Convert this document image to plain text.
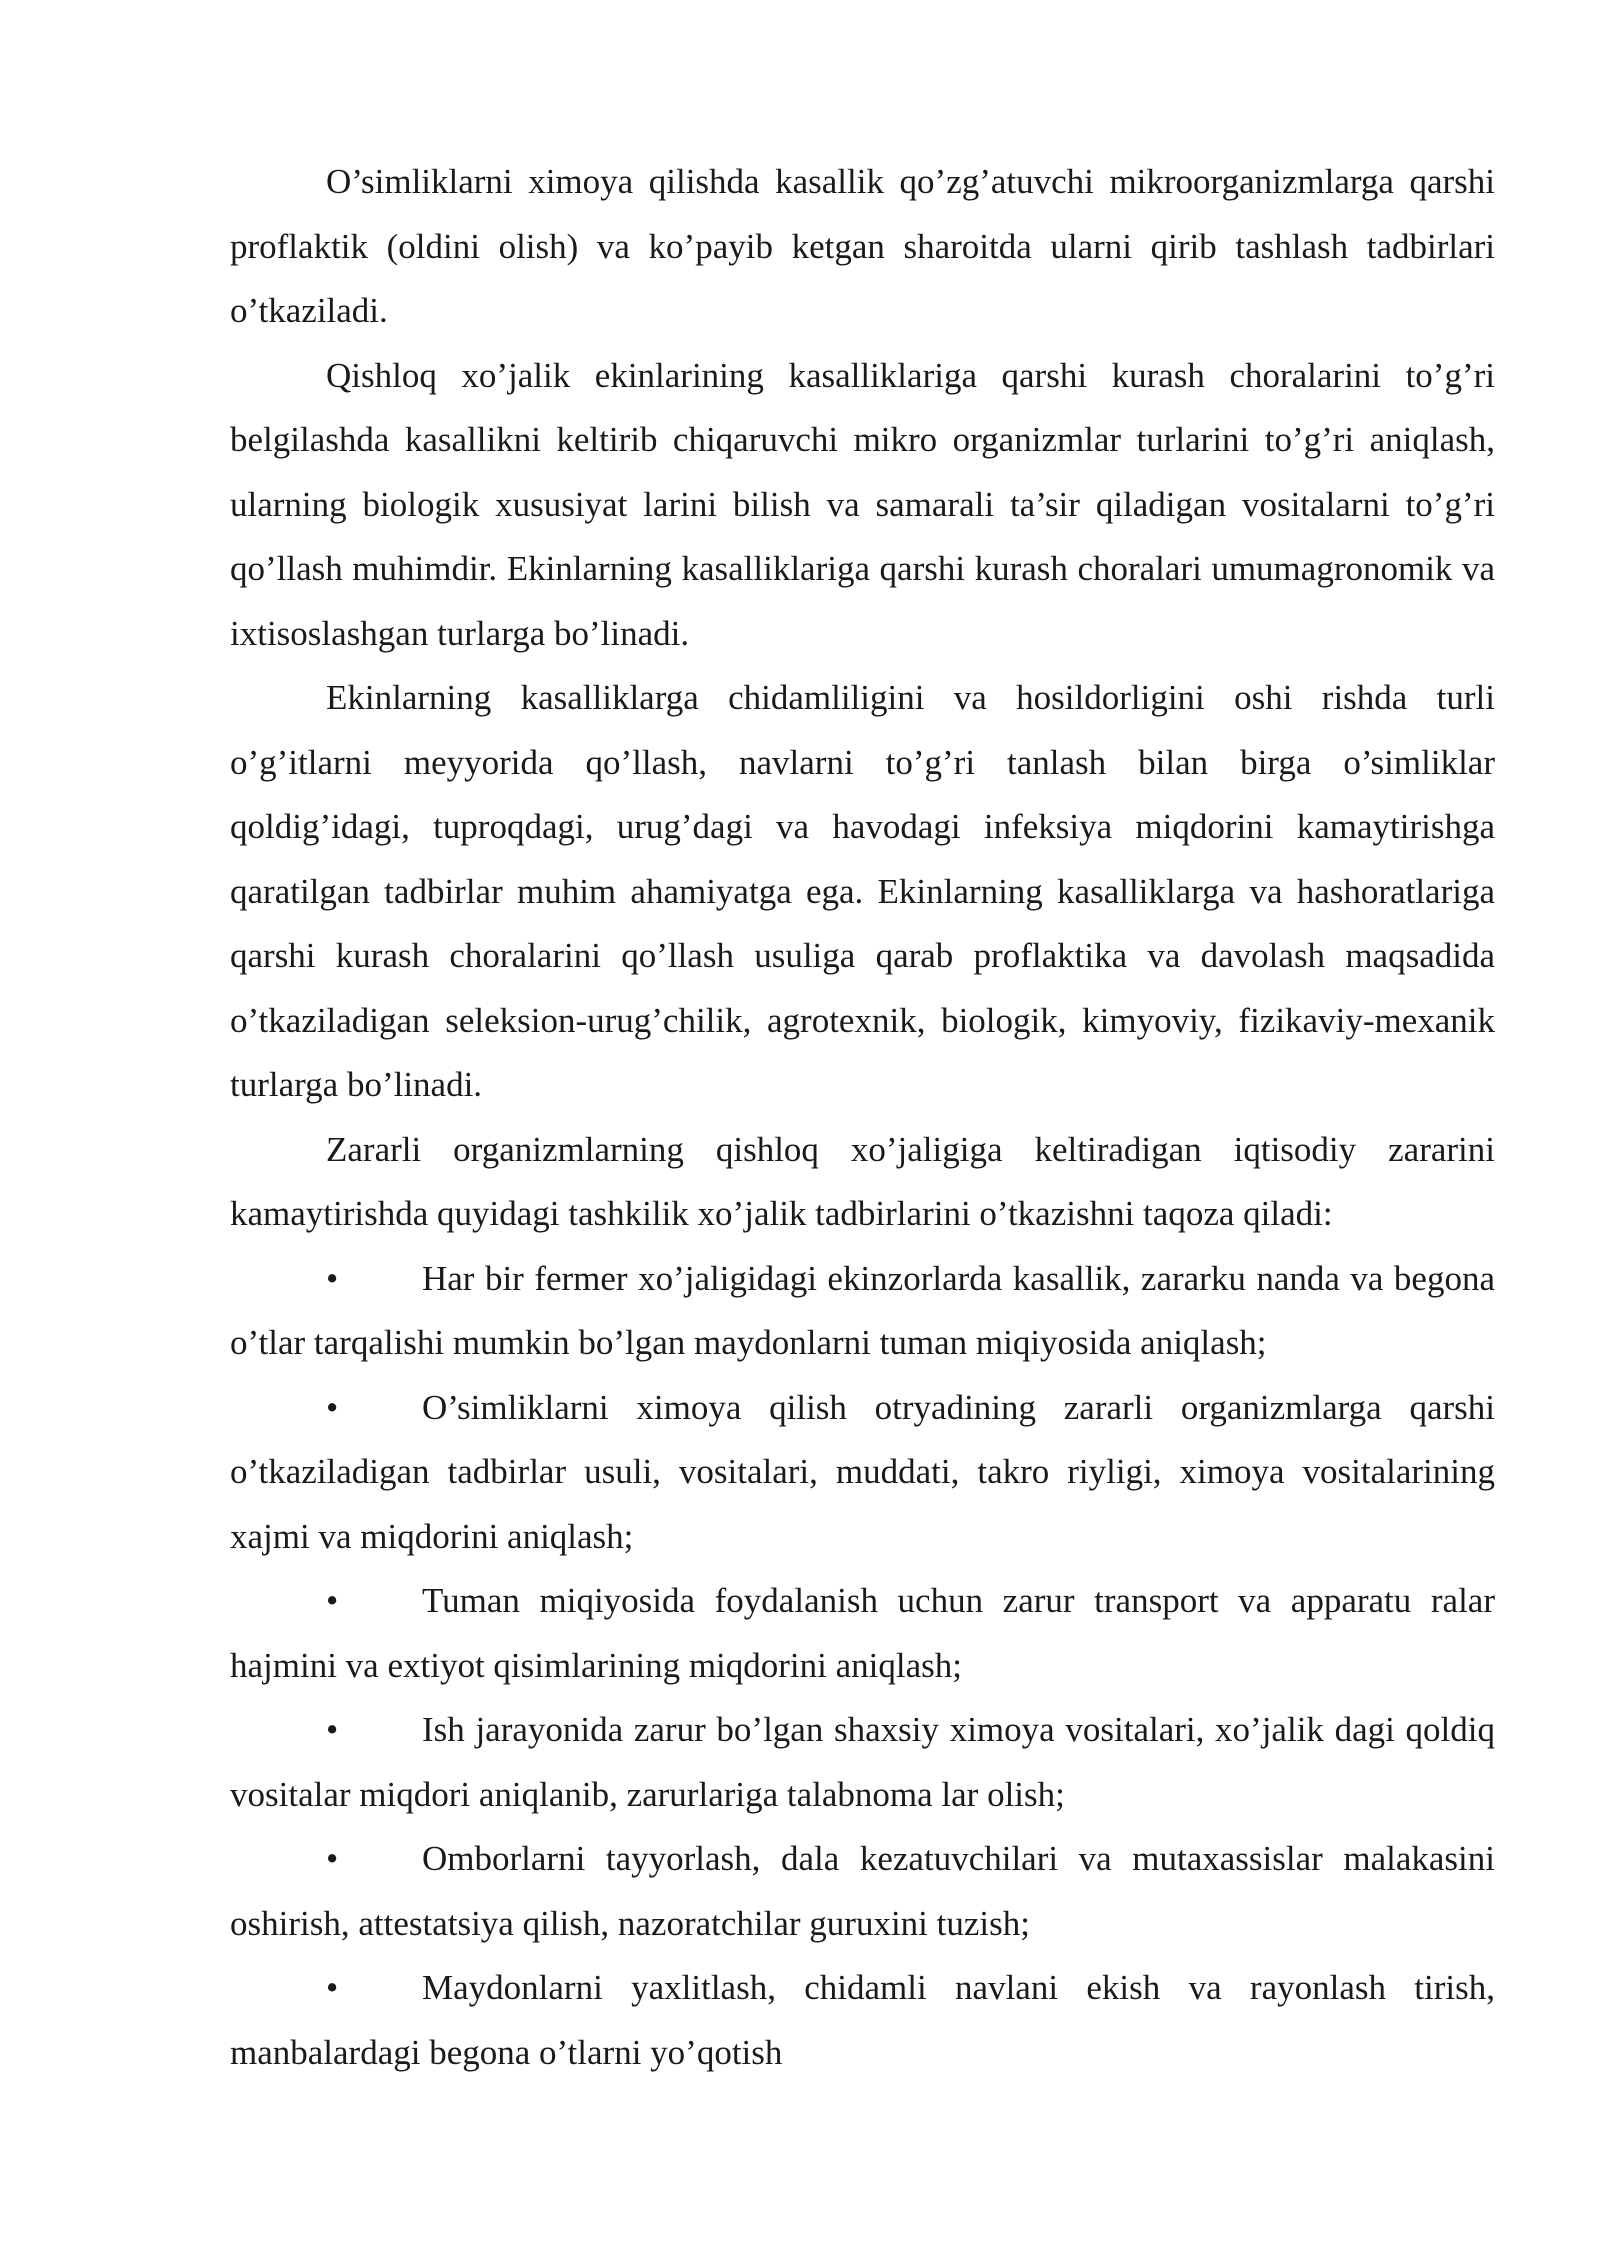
O’simliklarni ximoya qilishda kasallik qo’zg’atuvchi mikroorganizmlarga qarshi proflaktik (oldini olish) va ko’payib ketgan sharoitda ularni qirib tashlash tadbirlari o’tkaziladi.

Qishloq xo’jalik ekinlarining kasalliklariga qarshi kurash choralarini to’g’ri belgilashda kasallikni keltirib chiqaruvchi mikro organizmlar turlarini to’g’ri aniqlash, ularning biologik xususiyat larini bilish va samarali ta’sir qiladigan vositalarni to’g’ri qo’llash muhimdir. Ekinlarning kasalliklariga qarshi kurash choralari umumagronomik va ixtisoslashgan turlarga bo’linadi.

Ekinlarning kasalliklarga chidamliligini va hosildorligini oshi rishda turli o’g’itlarni meyyorida qo’llash, navlarni to’g’ri tanlash bilan birga o’simliklar qoldig’idagi, tuproqdagi, urug’dagi va havodagi infeksiya miqdorini kamaytirishga qaratilgan tadbirlar muhim ahamiyatga ega. Ekinlarning kasalliklarga va hashoratlariga qarshi kurash choralarini qo’llash usuliga qarab proflaktika va davolash maqsadida o’tkaziladigan seleksion-urug’chilik, agrotexnik, biologik, kimyoviy, fizikaviy-mexanik turlarga bo’linadi.

Zararli organizmlarning qishloq xo’jaligiga keltiradigan iqtisodiy zararini kamaytirishda quyidagi tashkilik xo’jalik tadbirlarini o’tkazishni taqoza qiladi:

• Har bir fermer xo’jaligidagi ekinzorlarda kasallik, zararku nanda va begona o’tlar tarqalishi mumkin bo’lgan maydonlarni tuman miqiyosida aniqlash;
• O’simliklarni ximoya qilish otryadining zararli organizmlarga qarshi o’tkaziladigan tadbirlar usuli, vositalari, muddati, takro riyligi, ximoya vositalarining xajmi va miqdorini aniqlash;
• Tuman miqiyosida foydalanish uchun zarur transport va apparatu ralar hajmini va extiyot qisimlarining miqdorini aniqlash;
• Ish jarayonida zarur bo’lgan shaxsiy ximoya vositalari, xo’jalik dagi qoldiq vositalar miqdori aniqlanib, zarurlariga talabnoma lar olish;
• Omborlarni tayyorlash, dala kezatuvchilari va mutaxassislar malakasini oshirish, attestatsiya qilish, nazoratchilar guruxini tuzish;
• Maydonlarni yaxlitlash, chidamli navlani ekish va rayonlash tirish, manbalardagi begona o’tlarni yo’qotish
